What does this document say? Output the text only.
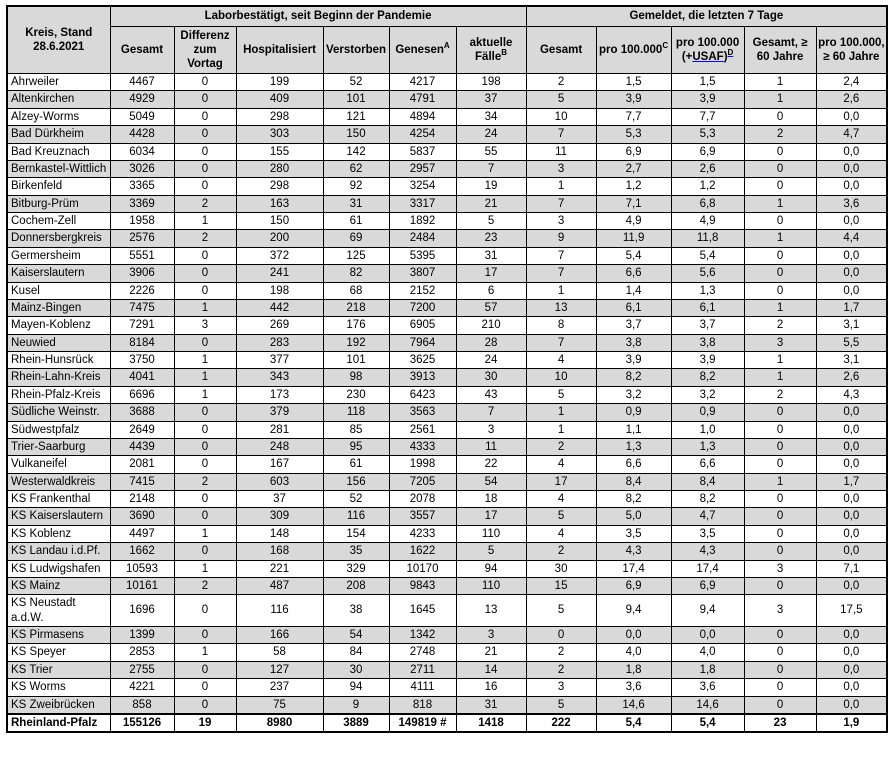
Kreis, Stand
28.6.2021	Laborbestätigt, seit Beginn der Pandemie						Gemeldet, die letzten 7 Tage				
	Gesamt	Differenz zum Vortag	Hospitalisiert	Verstorben	Genesen$^A$	aktuelle Fälle$^B$	Gesamt	pro $100.000^C$	pro 100.000 (+USAF)$^D$	Gesamt, ≥ 60 Jahre	pro 100.000, ≥ 60 Jahre
Ahrweiler	4467	0	199	52	4217	198	2	1,5	1,5	1	2,4
Altenkirchen	4929	0	409	101	4791	37	5	3,9	3,9	1	2,6
Alzey-Worms	5049	0	298	121	4894	34	10	7,7	7,7	0	0,0
Bad Dürkheim	4428	0	303	150	4254	24	7	5,3	5,3	2	4,7
Bad Kreuznach	6034	0	155	142	5837	55	11	6,9	6,9	0	0,0
Bernkastel-Wittlich	3026	0	280	62	2957	7	3	2,7	2,6	0	0,0
Birkenfeld	3365	0	298	92	3254	19	1	1,2	1,2	0	0,0
Bitburg-Prüm	3369	2	163	31	3317	21	7	7,1	6,8	1	3,6
Cochem-Zell	1958	1	150	61	1892	5	3	4,9	4,9	0	0,0
Donnersbergkreis	2576	2	200	69	2484	23	9	11,9	11,8	1	4,4
Germersheim	5551	0	372	125	5395	31	7	5,4	5,4	0	0,0
Kaiserslautern	3906	0	241	82	3807	17	7	6,6	5,6	0	0,0
Kusel	2226	0	198	68	2152	6	1	1,4	1,3	0	0,0
Mainz-Bingen	7475	1	442	218	7200	57	13	6,1	6,1	1	1,7
Mayen-Koblenz	7291	3	269	176	6905	210	8	3,7	3,7	2	3,1
Neuwied	8184	0	283	192	7964	28	7	3,8	3,8	3	5,5
Rhein-Hunsrück	3750	1	377	101	3625	24	4	3,9	3,9	1	3,1
Rhein-Lahn-Kreis	4041	1	343	98	3913	30	10	8,2	8,2	1	2,6
Rhein-Pfalz-Kreis	6696	1	173	230	6423	43	5	3,2	3,2	2	4,3
Südliche Weinstr.	3688	0	379	118	3563	7	1	0,9	0,9	0	0,0
Südwestpfalz	2649	0	281	85	2561	3	1	1,1	1,0	0	0,0
Trier-Saarburg	4439	0	248	95	4333	11	2	1,3	1,3	0	0,0
Vulkaneifel	2081	0	167	61	1998	22	4	6,6	6,6	0	0,0
Westerwaldkreis	7415	2	603	156	7205	54	17	8,4	8,4	1	1,7
KS Frankenthal	2148	0	37	52	2078	18	4	8,2	8,2	0	0,0
KS Kaiserslautern	3690	0	309	116	3557	17	5	5,0	4,7	0	0,0
KS Koblenz	4497	1	148	154	4233	110	4	3,5	3,5	0	0,0
KS Landau i.d.Pf.	1662	0	168	35	1622	5	2	4,3	4,3	0	0,0
KS Ludwigshafen	10593	1	221	329	10170	94	30	17,4	17,4	3	7,1
KS Mainz	10161	2	487	208	9843	110	15	6,9	6,9	0	0,0
KS Neustadt a.d.W.	1696	0	116	38	1645	13	5	9,4	9,4	3	17,5
KS Pirmasens	1399	0	166	54	1342	3	0	0,0	0,0	0	0,0
KS Speyer	2853	1	58	84	2748	21	2	4,0	4,0	0	0,0
KS Trier	2755	0	127	30	2711	14	2	1,8	1,8	0	0,0
KS Worms	4221	0	237	94	4111	16	3	3,6	3,6	0	0,0
KS Zweibrücken	858	0	75	9	818	31	5	14,6	14,6	0	0,0
Rheinland-Pfalz	155126	19	8980	3889	149819 #	1418	222	5,4	5,4	23	1,9
